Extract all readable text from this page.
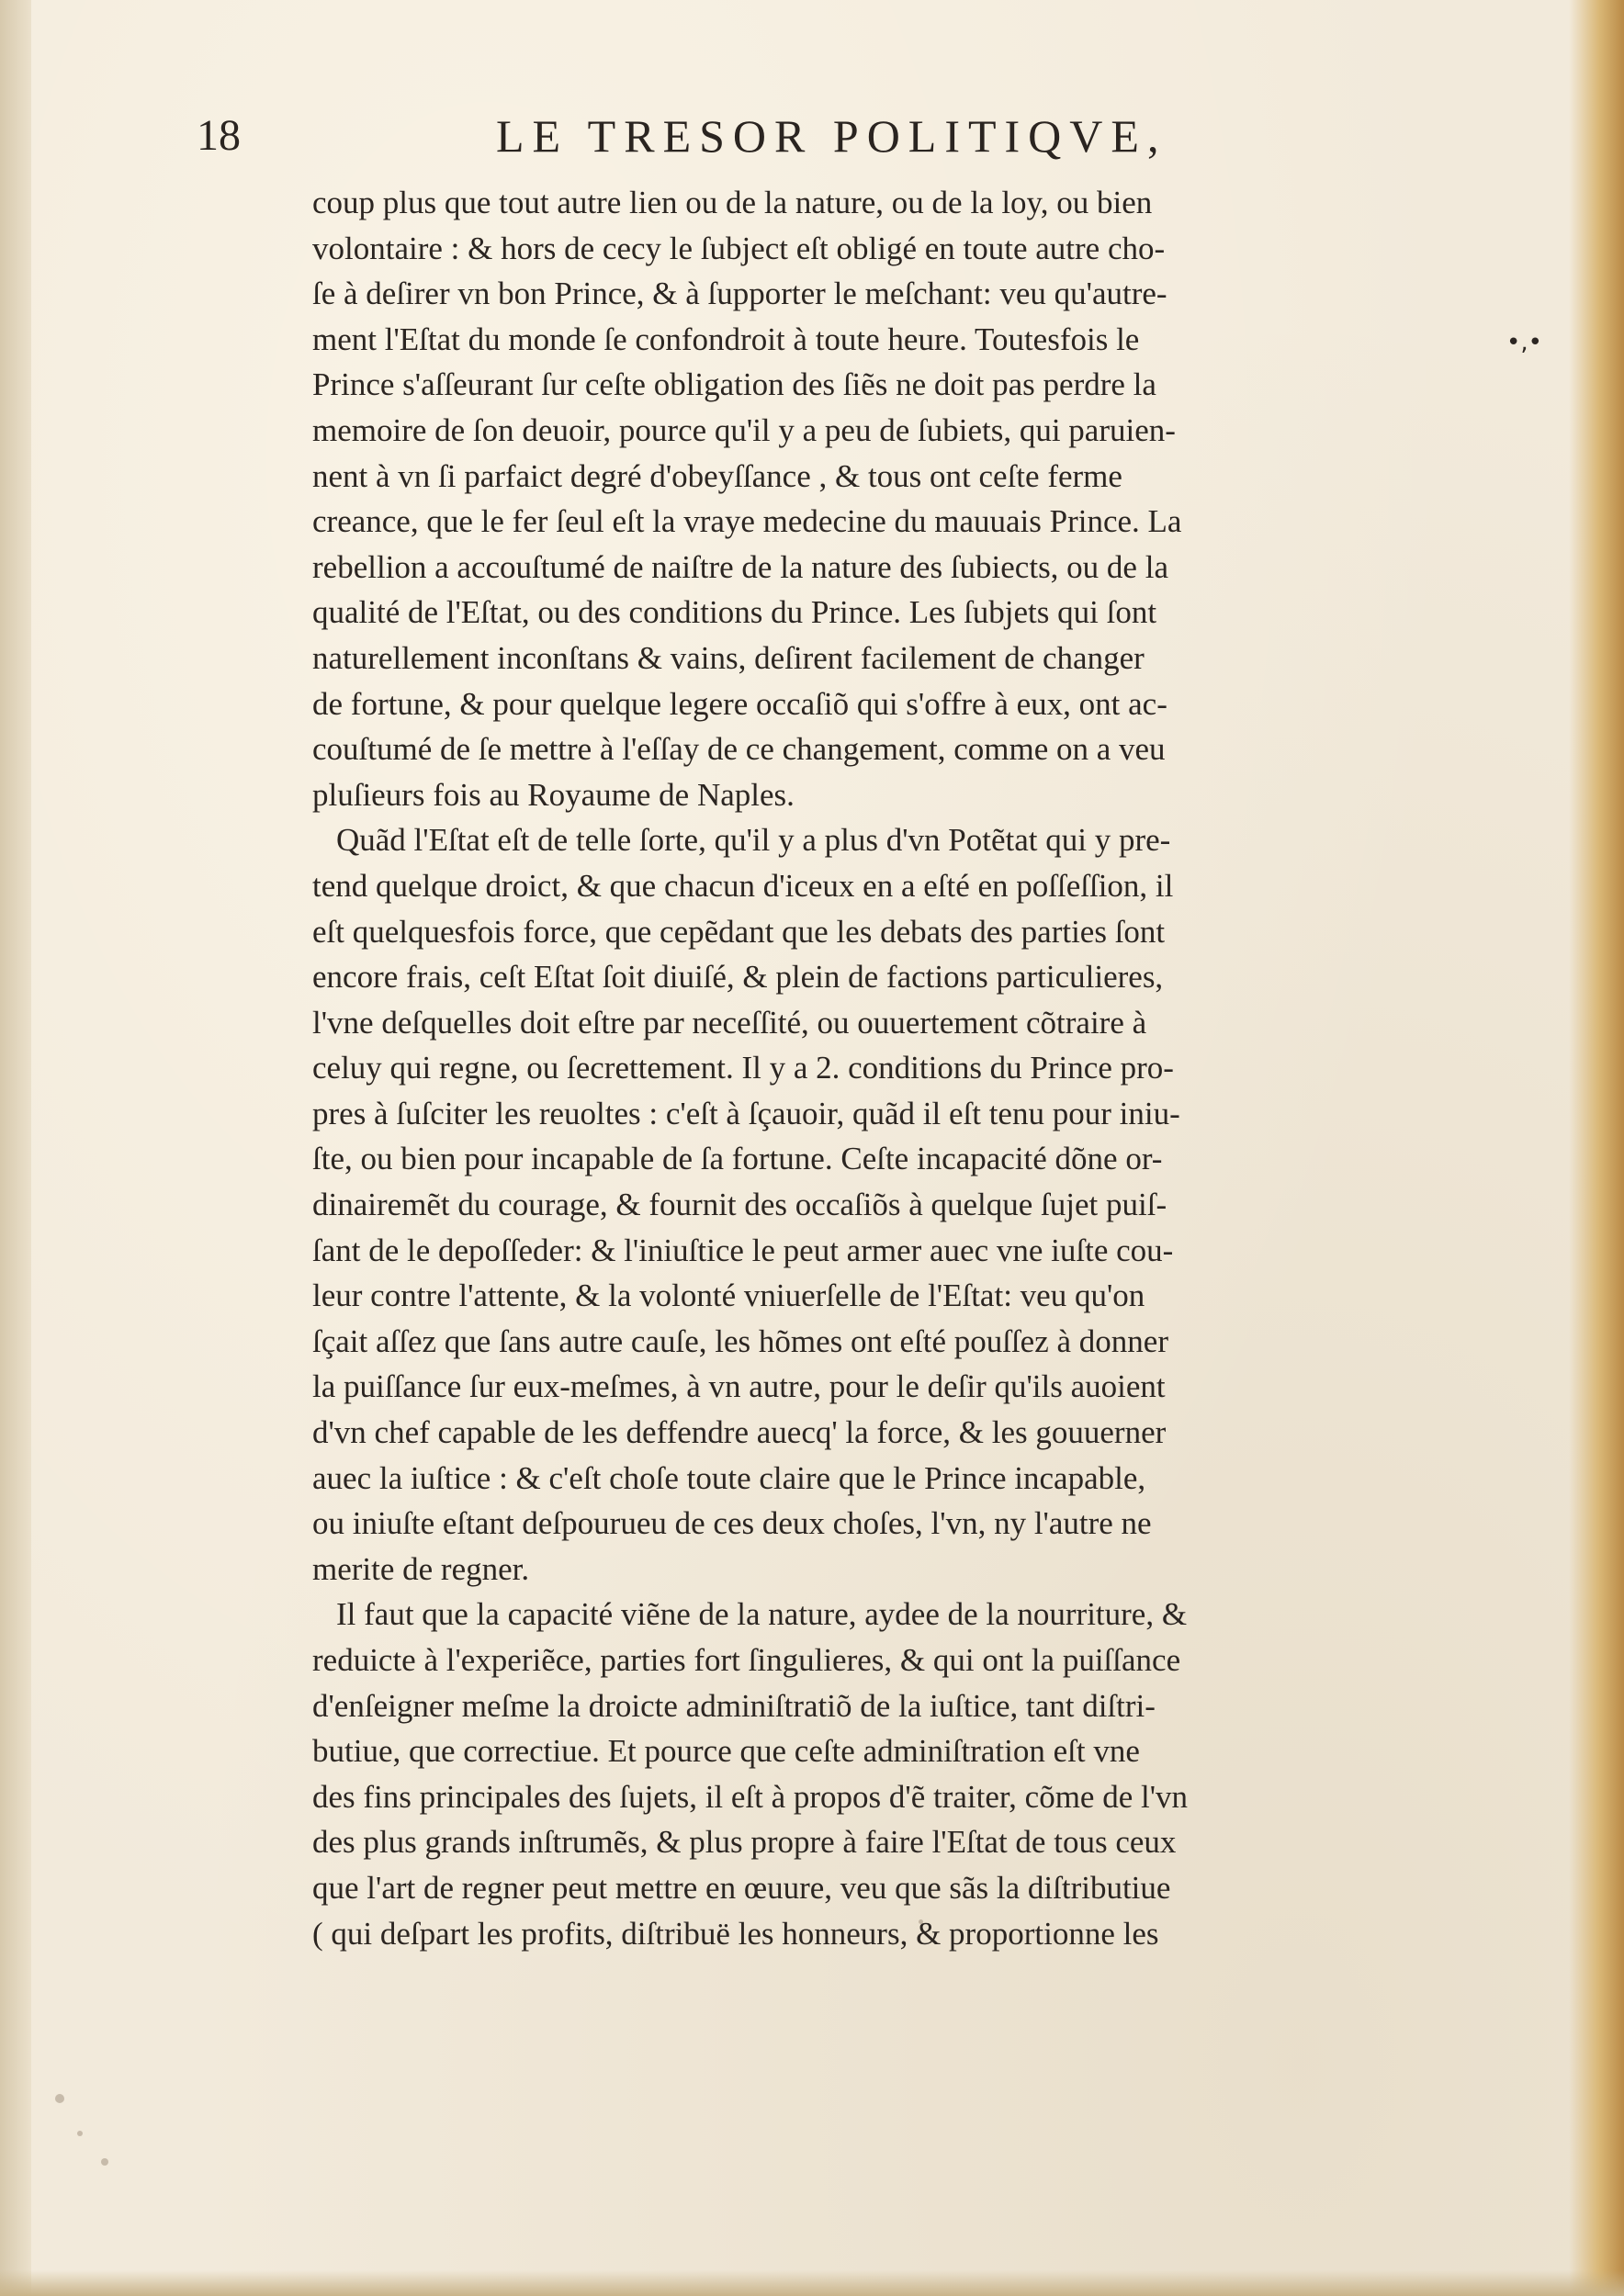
18	LE TRESOR POLITIQVE,
•,•
coup plus que tout autre lien ou de la nature, ou de la loy, ou bien
volontaire : & hors de cecy le ſubject eſt obligé en toute autre cho-
ſe à deſirer vn bon Prince, & à ſupporter le meſchant: veu qu'autre-
ment l'Eſtat du monde ſe confondroit à toute heure. Toutesfois le
Prince s'aſſeurant ſur ceſte obligation des ſiẽs ne doit pas perdre la
memoire de ſon deuoir, pource qu'il y a peu de ſubiets, qui paruien-
nent à vn ſi parfaict degré d'obeyſſance , & tous ont ceſte ferme
creance, que le fer ſeul eſt la vraye medecine du mauuais Prince. La
rebellion a accouſtumé de naiſtre de la nature des ſubiects, ou de la
qualité de l'Eſtat, ou des conditions du Prince. Les ſubjets qui ſont
naturellement inconſtans & vains, deſirent facilement de changer
de fortune, & pour quelque legere occaſiõ qui s'offre à eux, ont ac-
couſtumé de ſe mettre à l'eſſay de ce changement, comme on a veu
pluſieurs fois au Royaume de Naples.
Quãd l'Eſtat eſt de telle ſorte, qu'il y a plus d'vn Potẽtat qui y pre-
tend quelque droict, & que chacun d'iceux en a eſté en poſſeſſion, il
eſt quelquesfois force, que cepẽdant que les debats des parties ſont
encore frais, ceſt Eſtat ſoit diuiſé, & plein de factions particulieres,
l'vne deſquelles doit eſtre par neceſſité, ou ouuertement cõtraire à
celuy qui regne, ou ſecrettement. Il y a 2. conditions du Prince pro-
pres à ſuſciter les reuoltes : c'eſt à ſçauoir, quãd il eſt tenu pour iniu-
ſte, ou bien pour incapable de ſa fortune. Ceſte incapacité dõne or-
dinairemẽt du courage, & fournit des occaſiõs à quelque ſujet puiſ-
ſant de le depoſſeder: & l'iniuſtice le peut armer auec vne iuſte cou-
leur contre l'attente, & la volonté vniuerſelle de l'Eſtat: veu qu'on
ſçait aſſez que ſans autre cauſe, les hõmes ont eſté pouſſez à donner
la puiſſance ſur eux-meſmes, à vn autre, pour le deſir qu'ils auoient
d'vn chef capable de les deffendre auecq' la force, & les gouuerner
auec la iuſtice : & c'eſt choſe toute claire que le Prince incapable,
ou iniuſte eſtant deſpourueu de ces deux choſes, l'vn, ny l'autre ne
merite de regner.
Il faut que la capacité viẽne de la nature, aydee de la nourriture, &
reduicte à l'experiẽce, parties fort ſingulieres, & qui ont la puiſſance
d'enſeigner meſme la droicte adminiſtratiõ de la iuſtice, tant diſtri-
butiue, que correctiue. Et pource que ceſte adminiſtration eſt vne
des fins principales des ſujets, il eſt à propos d'ẽ traiter, cõme de l'vn
des plus grands inſtrumẽs, & plus propre à faire l'Eſtat de tous ceux
que l'art de regner peut mettre en œuure, veu que sãs la diſtributiue
( qui deſpart les profits, diſtribuë les honneurs, & proportionne les
